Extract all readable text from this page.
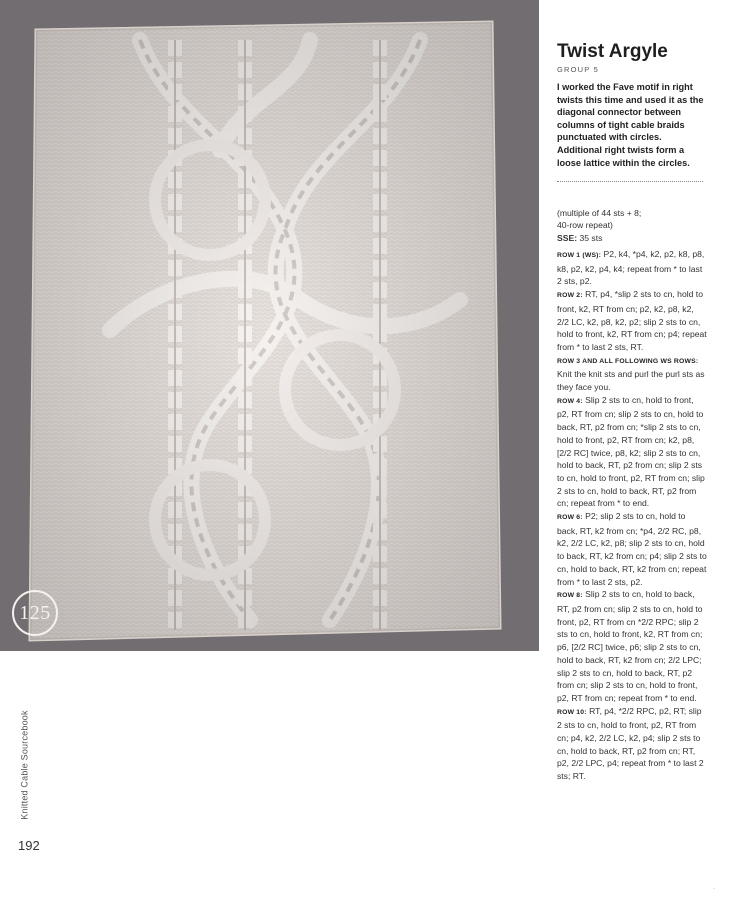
125
Knitted Cable Sourcebook
192
Twist Argyle
GROUP 5
I worked the Fave motif in right twists this time and used it as the diagonal connector between columns of tight cable braids punctuated with circles. Additional right twists form a loose lattice within the circles.
(multiple of 44 sts + 8;
40-row repeat)
SSE: 35 sts
ROW 1 (WS): P2, k4, *p4, k2, p2, k8, p8, k8, p2, k2, p4, k4; repeat from * to last 2 sts, p2.
ROW 2: RT, p4, *slip 2 sts to cn, hold to front, k2, RT from cn; p2, k2, p8, k2, 2/2 LC, k2, p8, k2, p2; slip 2 sts to cn, hold to front, k2, RT from cn; p4; repeat from * to last 2 sts, RT.
ROW 3 AND ALL FOLLOWING WS ROWS: Knit the knit sts and purl the purl sts as they face you.
ROW 4: Slip 2 sts to cn, hold to front, p2, RT from cn; slip 2 sts to cn, hold to back, RT, p2 from cn; *slip 2 sts to cn, hold to front, p2, RT from cn; k2, p8, [2/2 RC] twice, p8, k2; slip 2 sts to cn, hold to back, RT, p2 from cn; slip 2 sts to cn, hold to front, p2, RT from cn; slip 2 sts to cn, hold to back, RT, p2 from cn; repeat from * to end.
ROW 6: P2; slip 2 sts to cn, hold to back, RT, k2 from cn; *p4, 2/2 RC, p8, k2, 2/2 LC, k2, p8; slip 2 sts to cn, hold to back, RT, k2 from cn; p4; slip 2 sts to cn, hold to back, RT, k2 from cn; repeat from * to last 2 sts, p2.
ROW 8: Slip 2 sts to cn, hold to back, RT, p2 from cn; slip 2 sts to cn, hold to front, p2, RT from cn *2/2 RPC; slip 2 sts to cn, hold to front, k2, RT from cn; p6, [2/2 RC] twice, p6; slip 2 sts to cn, hold to back, RT, k2 from cn; 2/2 LPC; slip 2 sts to cn, hold to back, RT, p2 from cn; slip 2 sts to cn, hold to front, p2, RT from cn; repeat from * to end.
ROW 10: RT, p4, *2/2 RPC, p2, RT; slip 2 sts to cn, hold to front, p2, RT from cn; p4, k2, 2/2 LC, k2, p4; slip 2 sts to cn, hold to back, RT, p2 from cn; RT, p2, 2/2 LPC, p4; repeat from * to last 2 sts; RT.
·
